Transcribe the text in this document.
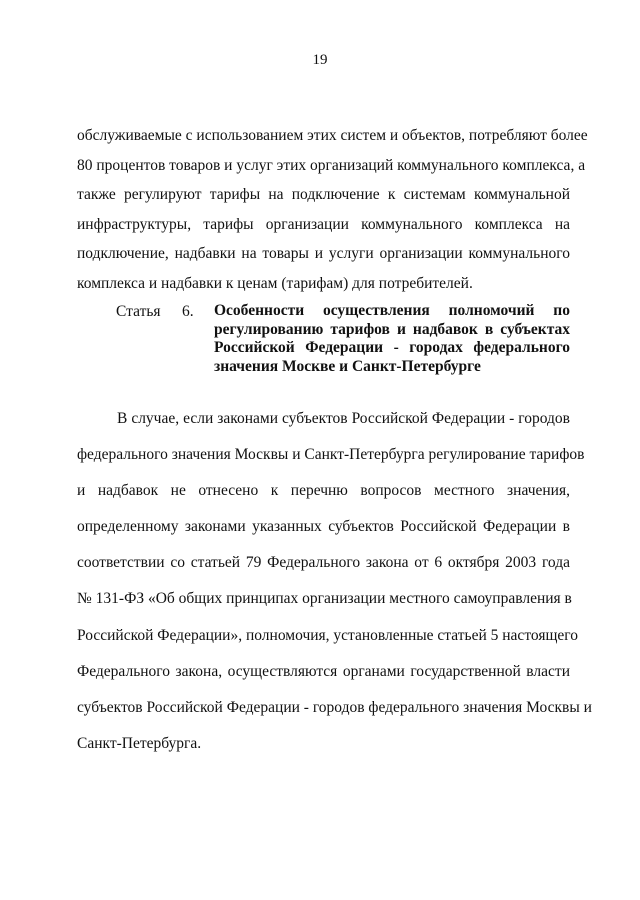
19
обслуживаемые с использованием этих систем и объектов, потребляют более
80 процентов товаров и услуг этих организаций коммунального комплекса, а
также регулируют тарифы на подключение к системам коммунальной
инфраструктуры, тарифы организации коммунального комплекса на
подключение, надбавки на товары и услуги организации коммунального
комплекса и надбавки к ценам (тарифам) для потребителей.
Статья 6. Особенности осуществления полномочий по
регулированию тарифов и надбавок в субъектах
Российской Федерации - городах федерального
значения Москве и Санкт-Петербурге
В случае, если законами субъектов Российской Федерации - городов
федерального значения Москвы и Санкт-Петербурга регулирование тарифов
и надбавок не отнесено к перечню вопросов местного значения,
определенному законами указанных субъектов Российской Федерации в
соответствии со статьей 79 Федерального закона от 6 октября 2003 года
№ 131-ФЗ «Об общих принципах организации местного самоуправления в
Российской Федерации», полномочия, установленные статьей 5 настоящего
Федерального закона, осуществляются органами государственной власти
субъектов Российской Федерации - городов федерального значения Москвы и
Санкт-Петербурга.
